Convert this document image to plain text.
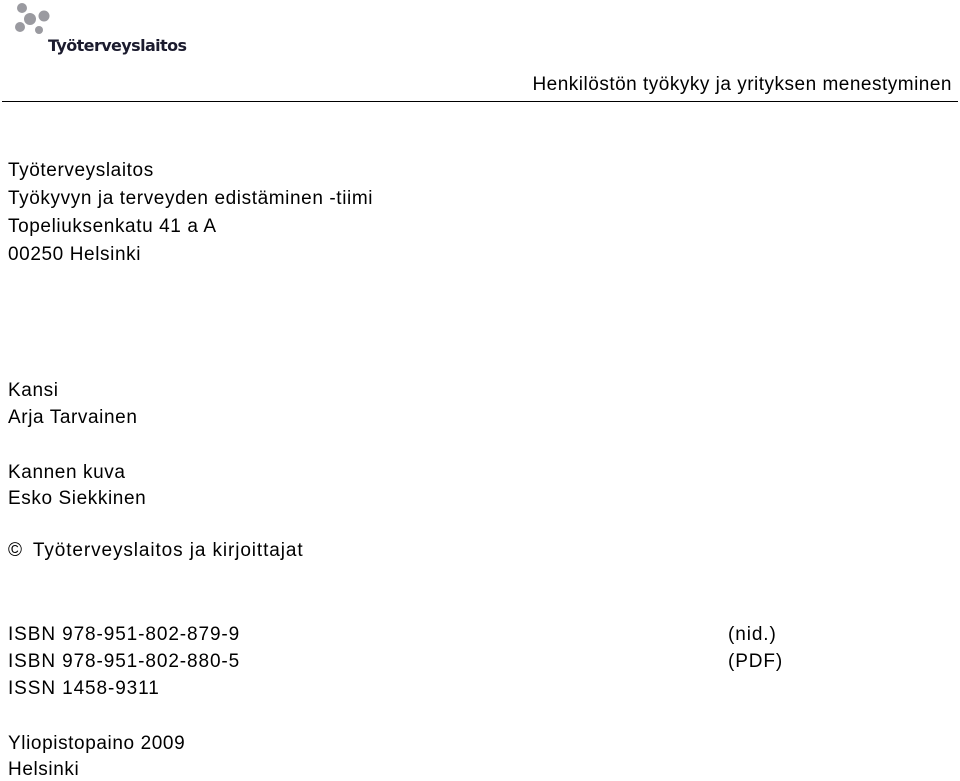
Työterveyslaitos
Henkilöstön työkyky ja yrityksen menestyminen
Työterveyslaitos
Työkyvyn ja terveyden edistäminen -tiimi
Topeliuksenkatu 41 a A
00250 Helsinki
Kansi
Arja Tarvainen
Kannen kuva
Esko Siekkinen
© Työterveyslaitos ja kirjoittajat
ISBN 978-951-802-879-9	(nid.)
ISBN 978-951-802-880-5	(PDF)
ISSN 1458-9311
Yliopistopaino 2009
Helsinki
